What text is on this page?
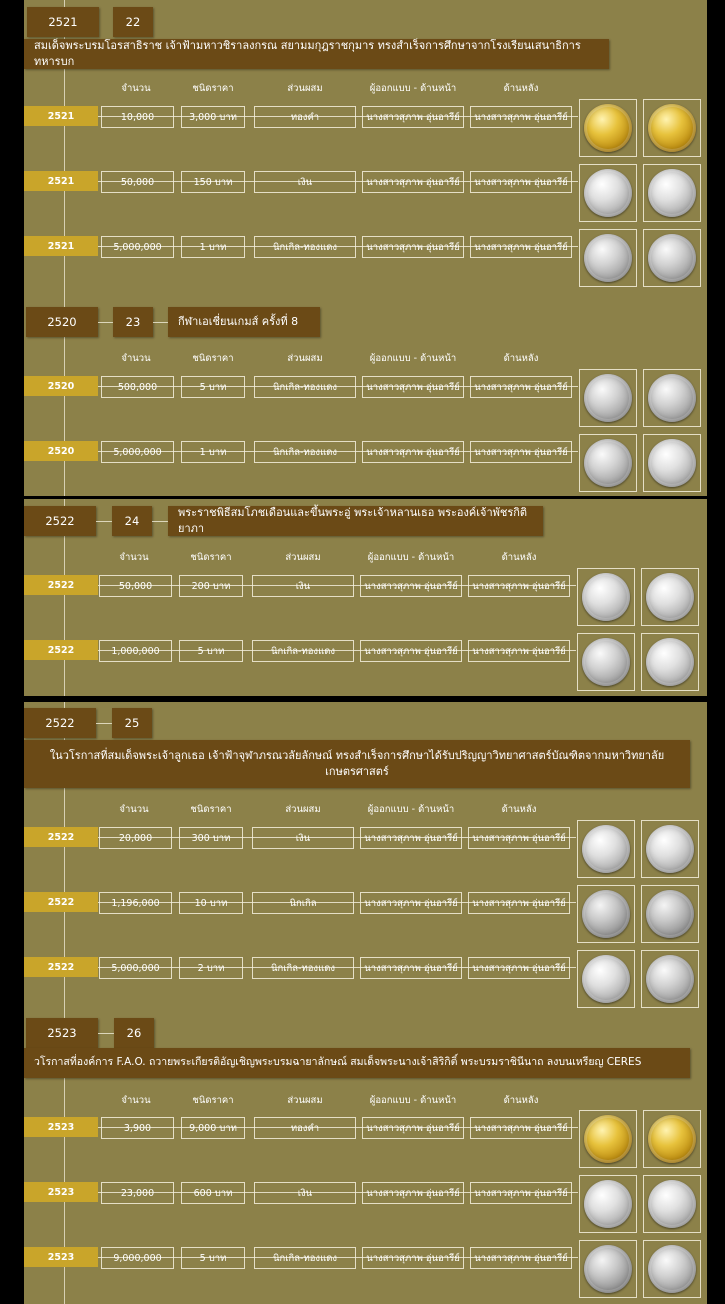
2521	22
สมเด็จพระบรมโอรสาธิราช เจ้าฟ้ามหาวชิราลงกรณ สยามมกุฎราชกุมาร ทรงสำเร็จการศึกษาจากโรงเรียนเสนาธิการทหารบก
จำนวน	ชนิดราคา	ส่วนผสม	ผู้ออกแบบ - ด้านหน้า	ด้านหลัง
2521	10,000	3,000 บาท	ทองคำ	นางสาวสุภาพ อุ่นอารีย์	นางสาวสุภาพ อุ่นอารีย์
2521	50,000	150 บาท	เงิน	นางสาวสุภาพ อุ่นอารีย์	นางสาวสุภาพ อุ่นอารีย์
2521	5,000,000	1 บาท	นิกเกิล-ทองแดง	นางสาวสุภาพ อุ่นอารีย์	นางสาวสุภาพ อุ่นอารีย์
2520	23	กีฬาเอเชี่ยนเกมส์ ครั้งที่ 8
จำนวน	ชนิดราคา	ส่วนผสม	ผู้ออกแบบ - ด้านหน้า	ด้านหลัง
2520	500,000	5 บาท	นิกเกิล-ทองแดง	นางสาวสุภาพ อุ่นอารีย์	นางสาวสุภาพ อุ่นอารีย์
2520	5,000,000	1 บาท	นิกเกิล-ทองแดง	นางสาวสุภาพ อุ่นอารีย์	นางสาวสุภาพ อุ่นอารีย์
2522	24
พระราชพิธีสมโภชเดือนและขึ้นพระอู่ พระเจ้าหลานเธอ พระองค์เจ้าพัชรกิติยาภา
จำนวน	ชนิดราคา	ส่วนผสม	ผู้ออกแบบ - ด้านหน้า	ด้านหลัง
2522	50,000	200 บาท	เงิน	นางสาวสุภาพ อุ่นอารีย์	นางสาวสุภาพ อุ่นอารีย์
2522	1,000,000	5 บาท	นิกเกิล-ทองแดง	นางสาวสุภาพ อุ่นอารีย์	นางสาวสุภาพ อุ่นอารีย์
2522	25
ในวโรกาสที่สมเด็จพระเจ้าลูกเธอ เจ้าฟ้าจุฬาภรณวลัยลักษณ์ ทรงสำเร็จการศึกษาได้รับปริญญาวิทยาศาสตร์บัณฑิตจากมหาวิทยาลัยเกษตรศาสตร์
จำนวน	ชนิดราคา	ส่วนผสม	ผู้ออกแบบ - ด้านหน้า	ด้านหลัง
2522	20,000	300 บาท	เงิน	นางสาวสุภาพ อุ่นอารีย์	นางสาวสุภาพ อุ่นอารีย์
2522	1,196,000	10 บาท	นิกเกิล	นางสาวสุภาพ อุ่นอารีย์	นางสาวสุภาพ อุ่นอารีย์
2522	5,000,000	2 บาท	นิกเกิล-ทองแดง	นางสาวสุภาพ อุ่นอารีย์	นางสาวสุภาพ อุ่นอารีย์
2523	26
วโรกาสที่องค์การ F.A.O. ถวายพระเกียรติอัญเชิญพระบรมฉายาลักษณ์ สมเด็จพระนางเจ้าสิริกิติ์ พระบรมราชินีนาถ ลงบนเหรียญ CERES
จำนวน	ชนิดราคา	ส่วนผสม	ผู้ออกแบบ - ด้านหน้า	ด้านหลัง
2523	3,900	9,000 บาท	ทองคำ	นางสาวสุภาพ อุ่นอารีย์	นางสาวสุภาพ อุ่นอารีย์
2523	23,000	600 บาท	เงิน	นางสาวสุภาพ อุ่นอารีย์	นางสาวสุภาพ อุ่นอารีย์
2523	9,000,000	5 บาท	นิกเกิล-ทองแดง	นางสาวสุภาพ อุ่นอารีย์	นางสาวสุภาพ อุ่นอารีย์
